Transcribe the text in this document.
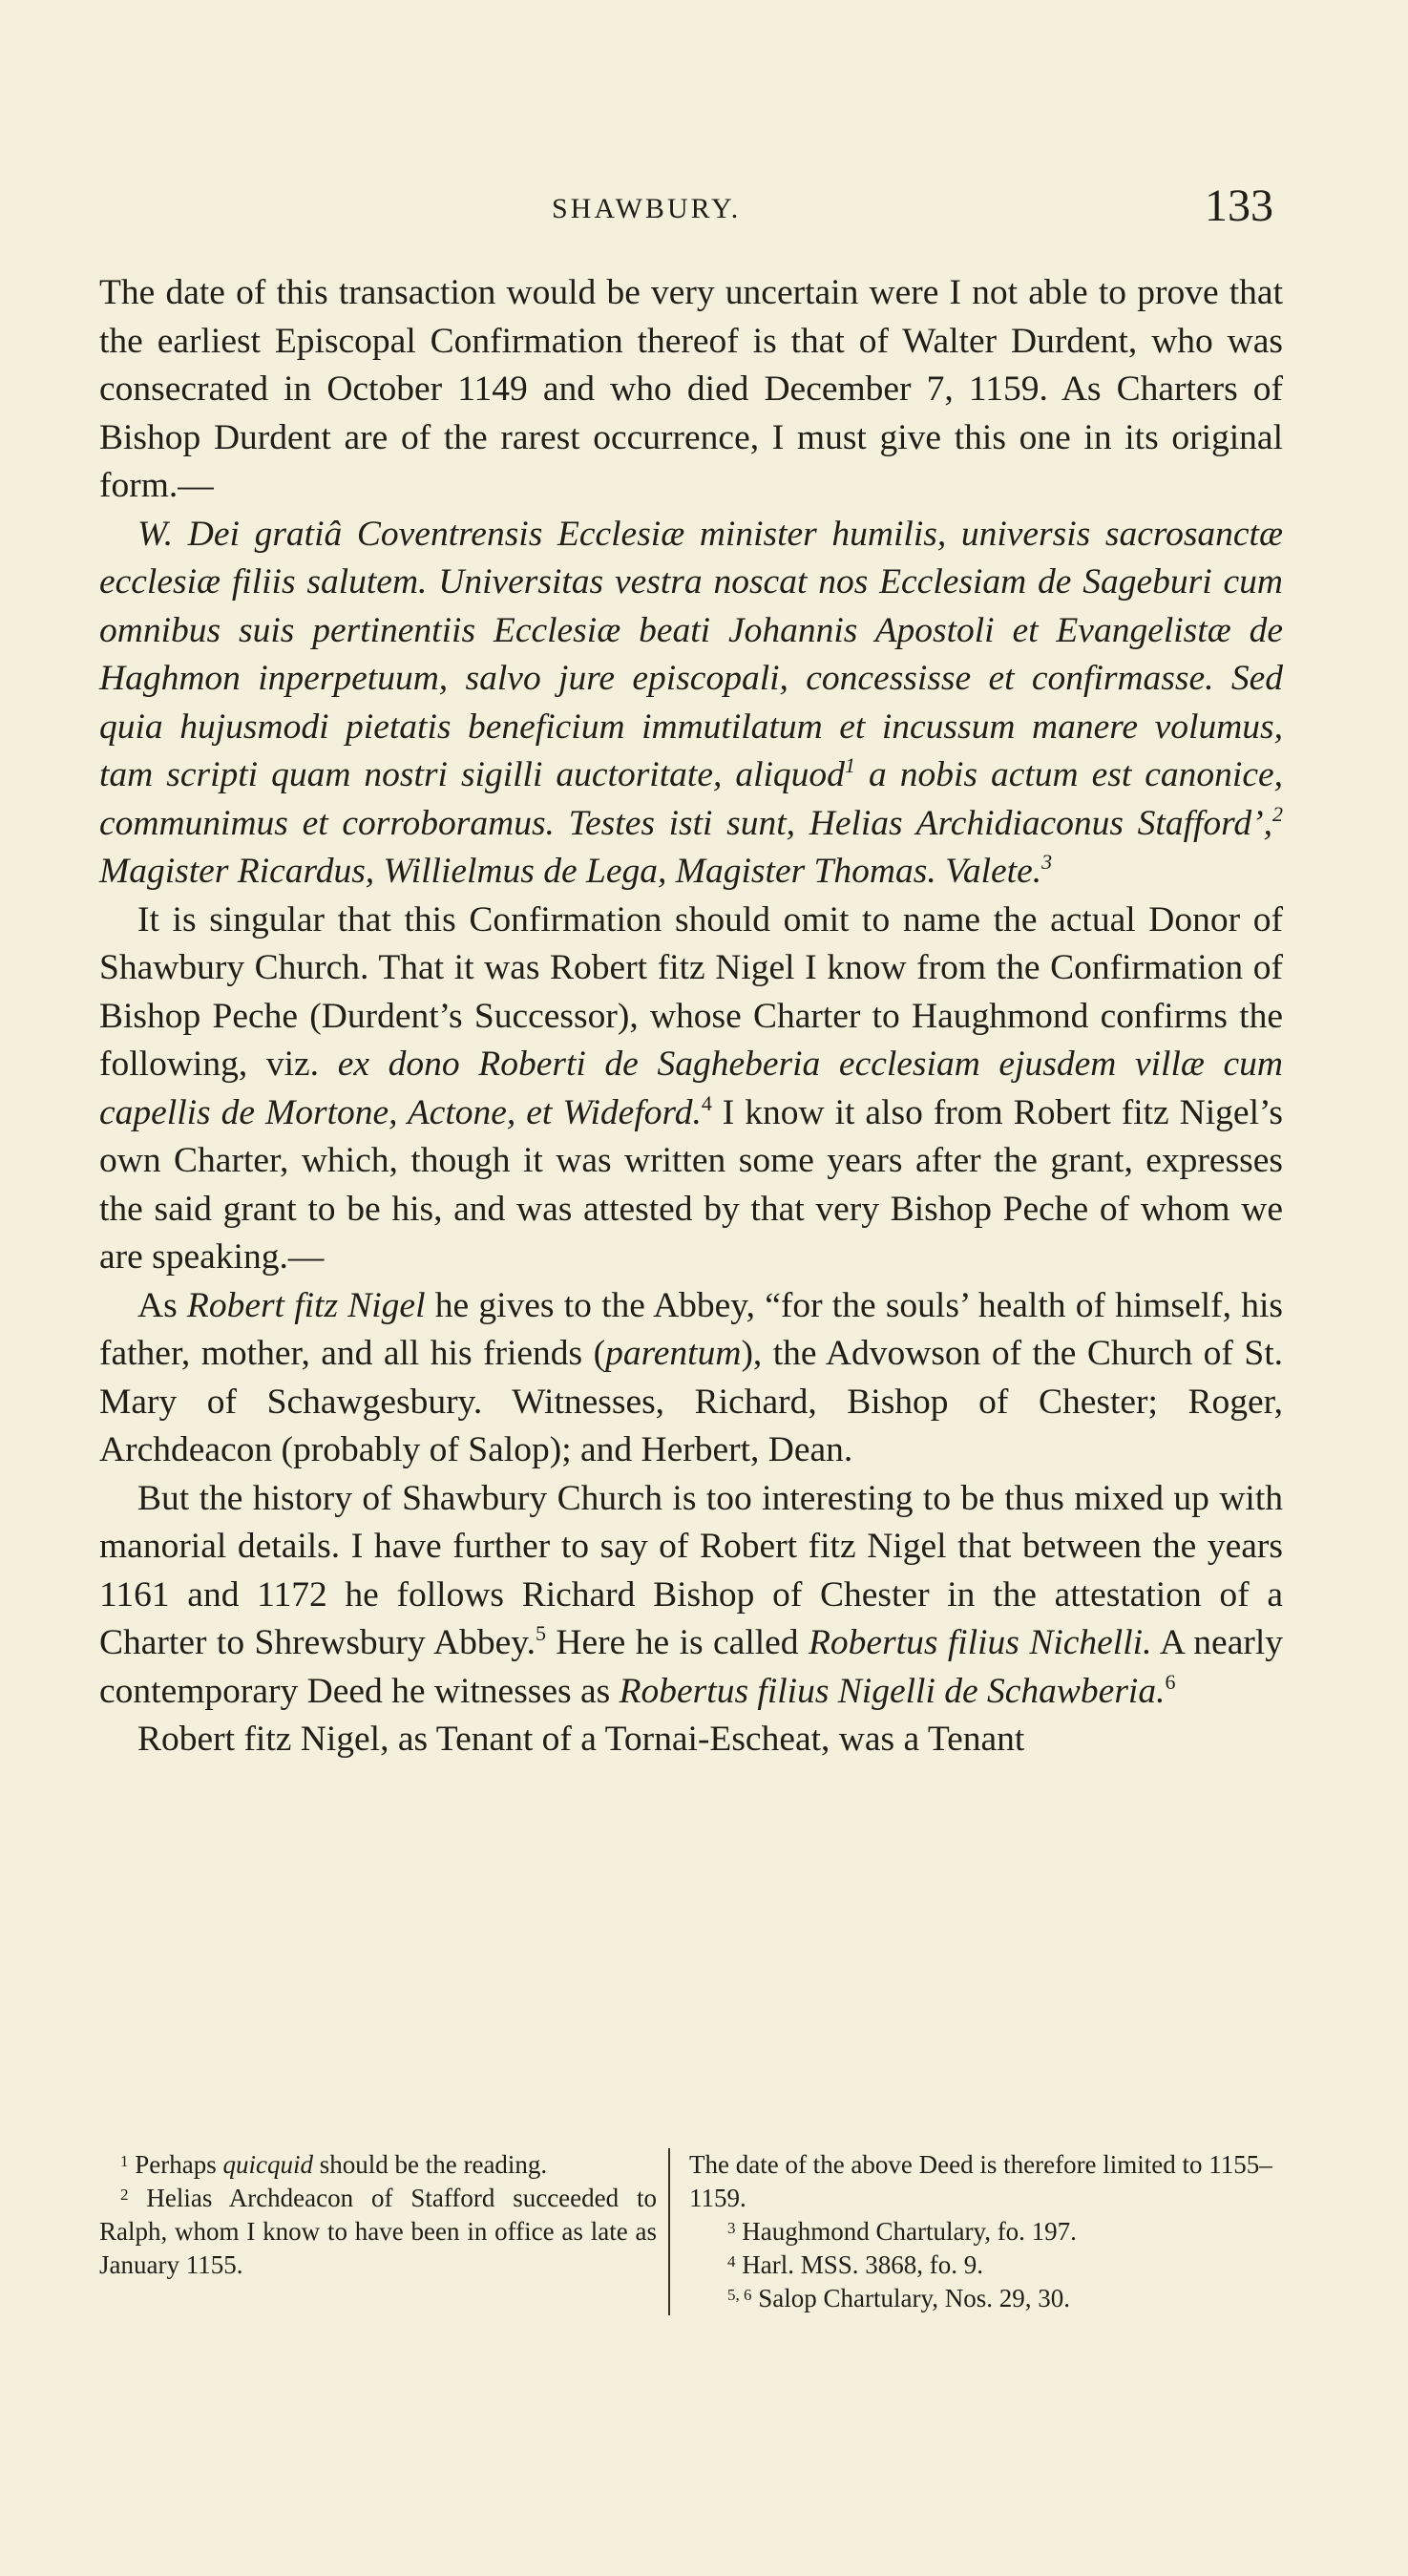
SHAWBURY.	133

The date of this transaction would be very uncertain were I not able to prove that the earliest Episcopal Confirmation thereof is that of Walter Durdent, who was consecrated in October 1149 and who died December 7, 1159. As Charters of Bishop Durdent are of the rarest occurrence, I must give this one in its original form.—

W. Dei gratiâ Coventrensis Ecclesiæ minister humilis, universis sacrosanctæ ecclesiæ filiis salutem. Universitas vestra noscat nos Ecclesiam de Sageburi cum omnibus suis pertinentiis Ecclesiæ beati Johannis Apostoli et Evangelistæ de Haghmon inperpetuum, salvo jure episcopali, concessisse et confirmasse. Sed quia hujusmodi pietatis beneficium immutilatum et incussum manere volumus, tam scripti quam nostri sigilli auctoritate, aliquod$^1$ a nobis actum est canonice, communimus et corroboramus. Testes isti sunt, Helias Archidiaconus Stafford’,$^2$ Magister Ricardus, Willielmus de Lega, Magister Thomas. Valete.$^3$

It is singular that this Confirmation should omit to name the actual Donor of Shawbury Church. That it was Robert fitz Nigel I know from the Confirmation of Bishop Peche (Durdent’s Successor), whose Charter to Haughmond confirms the following, viz. ex dono Roberti de Sagheberia ecclesiam ejusdem villæ cum capellis de Mortone, Actone, et Wideford.$^4$ I know it also from Robert fitz Nigel’s own Charter, which, though it was written some years after the grant, expresses the said grant to be his, and was attested by that very Bishop Peche of whom we are speaking.—

As Robert fitz Nigel he gives to the Abbey, “for the souls’ health of himself, his father, mother, and all his friends (parentum), the Advowson of the Church of St. Mary of Schawgesbury. Witnesses, Richard, Bishop of Chester; Roger, Archdeacon (probably of Salop); and Herbert, Dean.

But the history of Shawbury Church is too interesting to be thus mixed up with manorial details. I have further to say of Robert fitz Nigel that between the years 1161 and 1172 he follows Richard Bishop of Chester in the attestation of a Charter to Shrewsbury Abbey.$^5$ Here he is called Robertus filius Nichelli. A nearly contemporary Deed he witnesses as Robertus filius Nigelli de Schawberia.$^6$

Robert fitz Nigel, as Tenant of a Tornai-Escheat, was a Tenant

$^1$ Perhaps quicquid should be the reading.

$^2$ Helias Archdeacon of Stafford succeeded to Ralph, whom I know to have been in office as late as January 1155.

The date of the above Deed is therefore limited to 1155–1159.

$^3$ Haughmond Chartulary, fo. 197.

$^4$ Harl. MSS. 3868, fo. 9.

$^{5, 6}$ Salop Chartulary, Nos. 29, 30.
